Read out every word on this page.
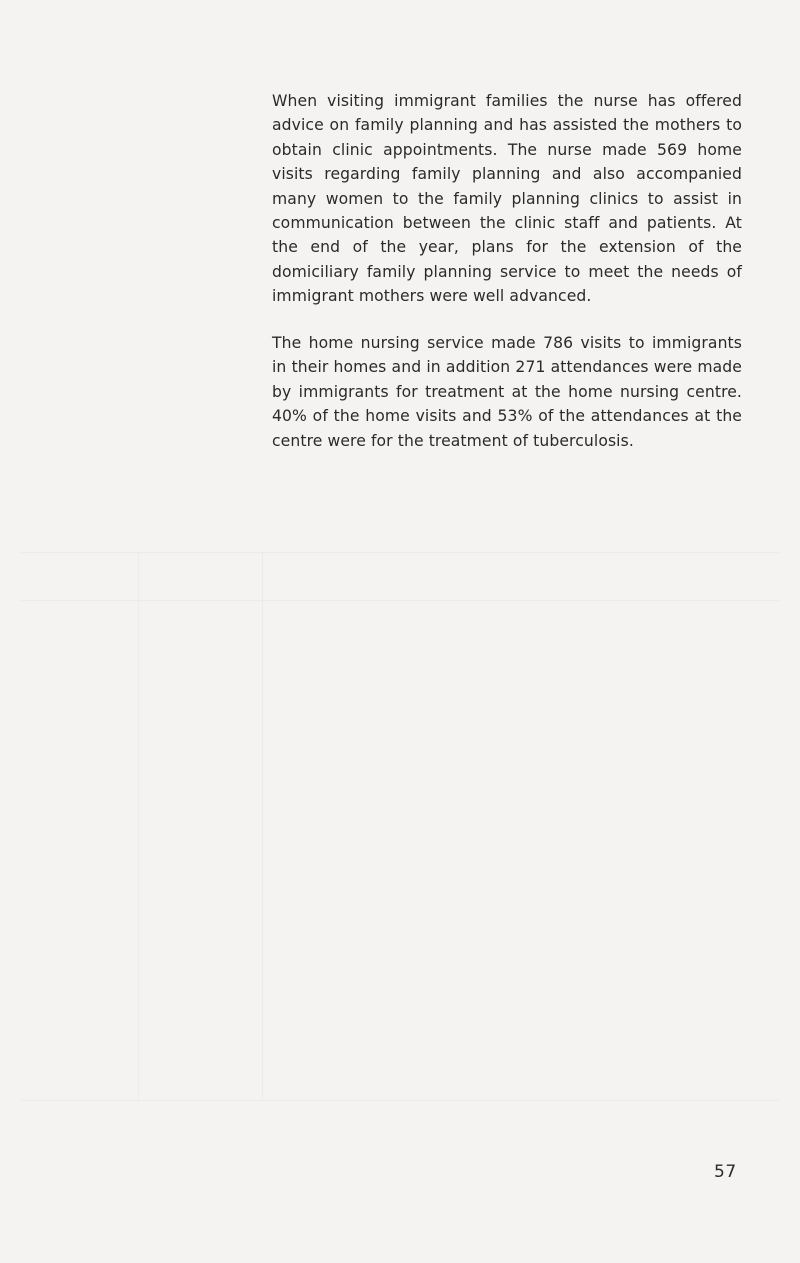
When visiting immigrant families the nurse has offered advice on family planning and has assisted the mothers to obtain clinic appointments. The nurse made 569 home visits regarding family planning and also accompanied many women to the family planning clinics to assist in communication between the clinic staff and patients. At the end of the year, plans for the extension of the domiciliary family planning service to meet the needs of immigrant mothers were well advanced.

The home nursing service made 786 visits to immigrants in their homes and in addition 271 attendances were made by immigrants for treatment at the home nursing centre. 40% of the home visits and 53% of the attendances at the centre were for the treatment of tuberculosis.

57
